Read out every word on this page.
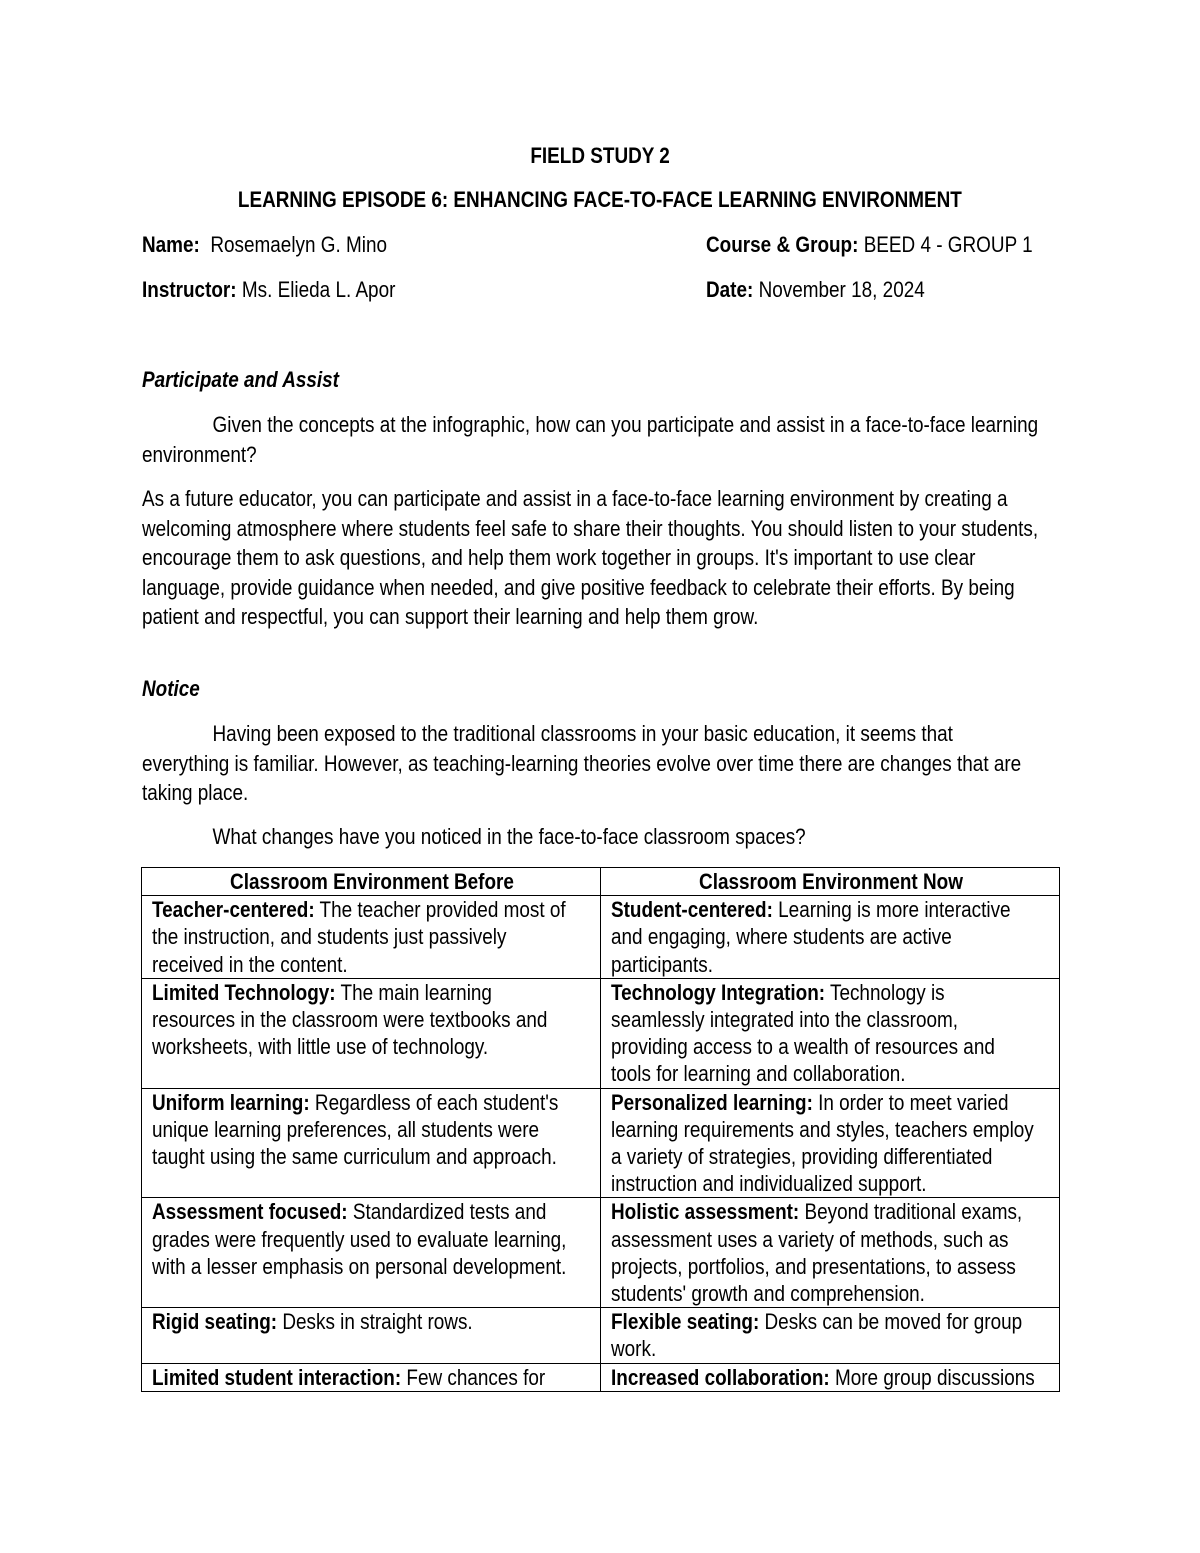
FIELD STUDY 2
LEARNING EPISODE 6: ENHANCING FACE-TO-FACE LEARNING ENVIRONMENT
Name: Rosemaelyn G. Mino	Course & Group: BEED 4 - GROUP 1
Instructor: Ms. Elieda L. Apor	Date: November 18, 2024
Participate and Assist
Given the concepts at the infographic, how can you participate and assist in a face-to-face learning
environment?
As a future educator, you can participate and assist in a face-to-face learning environment by creating a
welcoming atmosphere where students feel safe to share their thoughts. You should listen to your students,
encourage them to ask questions, and help them work together in groups. It's important to use clear
language, provide guidance when needed, and give positive feedback to celebrate their efforts. By being
patient and respectful, you can support their learning and help them grow.
Notice
Having been exposed to the traditional classrooms in your basic education, it seems that
everything is familiar. However, as teaching-learning theories evolve over time there are changes that are
taking place.
What changes have you noticed in the face-to-face classroom spaces?
Classroom Environment Before	Classroom Environment Now

Teacher-centered: The teacher provided most of
the instruction, and students just passively
received in the content.	Student-centered: Learning is more interactive
and engaging, where students are active
participants.

Limited Technology: The main learning
resources in the classroom were textbooks and
worksheets, with little use of technology.	Technology Integration: Technology is
seamlessly integrated into the classroom,
providing access to a wealth of resources and
tools for learning and collaboration.

Uniform learning: Regardless of each student's
unique learning preferences, all students were
taught using the same curriculum and approach.	Personalized learning: In order to meet varied
learning requirements and styles, teachers employ
a variety of strategies, providing differentiated
instruction and individualized support.

Assessment focused: Standardized tests and
grades were frequently used to evaluate learning,
with a lesser emphasis on personal development.	Holistic assessment: Beyond traditional exams,
assessment uses a variety of methods, such as
projects, portfolios, and presentations, to assess
students' growth and comprehension.

Rigid seating: Desks in straight rows.	Flexible seating: Desks can be moved for group
work.

Limited student interaction: Few chances for	Increased collaboration: More group discussions
